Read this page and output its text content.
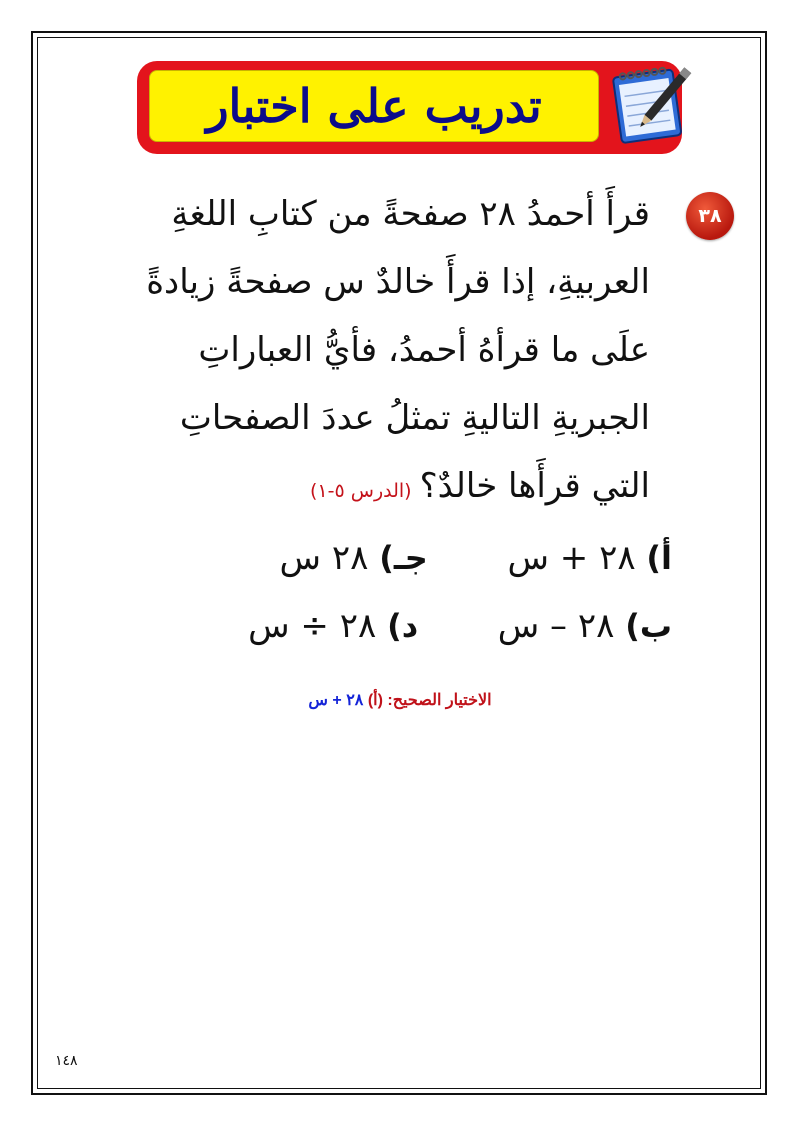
تدريب على اختبار
٣٨
قرأَ أحمدُ ٢٨ صفحةً من كتابِ اللغةِ
العربيةِ، إذا قرأَ خالدٌ س صفحةً زيادةً
علَى ما قرأهُ أحمدُ، فأيُّ العباراتِ
الجبريةِ التاليةِ تمثلُ عددَ الصفحاتِ
التي قرأَها خالدٌ؟(الدرس ٥-١)
أ) ٢٨ + س  جـ) ٢٨ س
ب) ٢٨ – س  د) ٢٨ ÷ س
الاختيار الصحيح: (أ) ٢٨ + س
١٤٨
